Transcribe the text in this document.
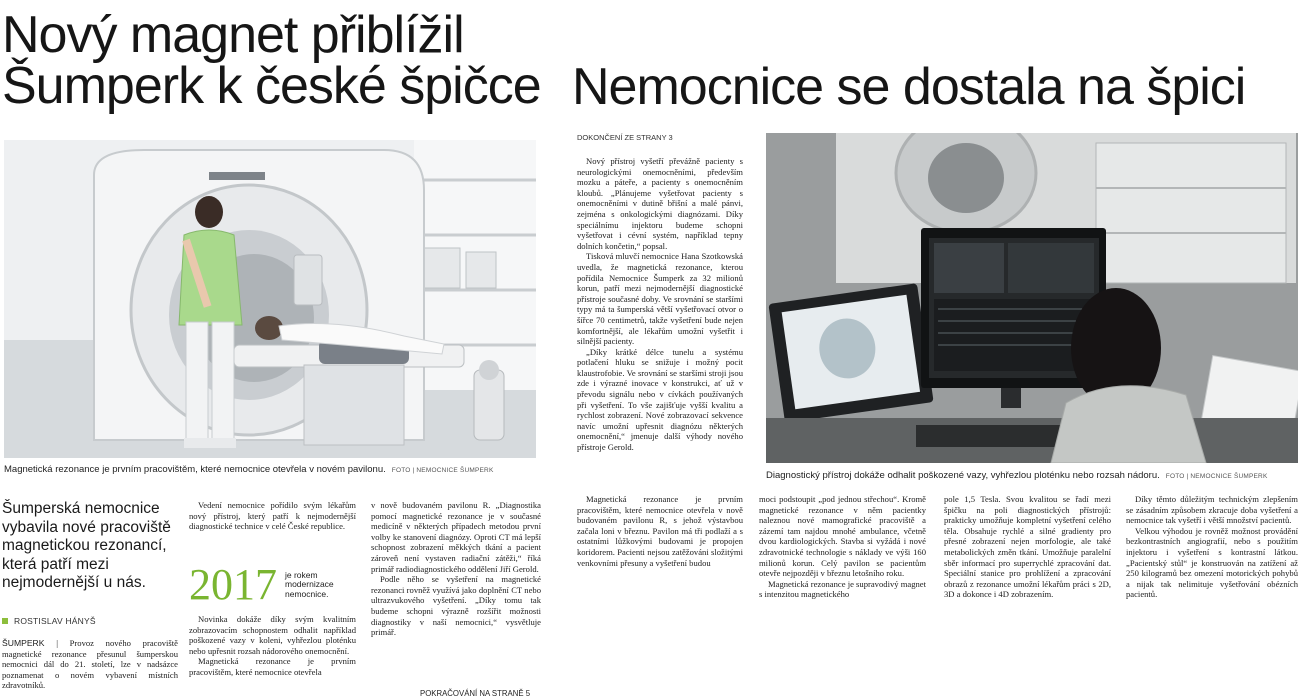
Nový magnet přiblížil Šumperk k české špičce
Magnetická rezonance je prvním pracovištěm, které nemocnice otevřela v novém pavilonu. FOTO | NEMOCNICE ŠUMPERK
Šumperská nemocnice vybavila nové pracoviště magnetickou rezonancí, která patří mezi nejmodernější u nás.
ROSTISLAV HÁNYŠ

ŠUMPERK | Provoz nového pracoviště magnetické rezonance přesunul šumperskou nemocnici dál do 21. století, lze v nadsázce poznamenat o novém vybavení místních zdravotníků.

Vedení nemocnice pořídilo svým lékařům nový přístroj, který patří k nejmodernější diagnostické technice v celé České republice.

2017 je rokem modernizace nemocnice.

Novinka dokáže díky svým kvalitním zobrazovacím schopnostem odhalit například poškozené vazy v koleni, vyhřezlou ploténku nebo upřesnit rozsah nádorového onemocnění.

Magnetická rezonance je prvním pracovištěm, které nemocnice otevřela

v nově budovaném pavilonu R. „Diagnostika pomocí magnetické rezonance je v současné medicíně v některých případech metodou první volby ke stanovení diagnózy. Oproti CT má lepší schopnost zobrazení měkkých tkání a pacient zároveň není vystaven radiační zátěži,“ říká primář radiodiagnostického oddělení Jiří Gerold.

Podle něho se vyšetření na magnetické rezonanci rovněž využívá jako doplnění CT nebo ultrazvukového vyšetření. „Díky tomu tak budeme schopni výrazně rozšířit možnosti diagnostiky v naší nemocnici,“ vysvětluje primář.

POKRAČOVÁNÍ NA STRANĚ 5
Nemocnice se dostala na špici
DOKONČENÍ ZE STRANY 3

Nový přístroj vyšetří převážně pacienty s neurologickými onemocněními, především mozku a páteře, a pacienty s onemocněním kloubů. „Plánujeme vyšetřovat pacienty s onemocněními v dutině břišní a malé pánvi, zejména s onkologickými diagnózami. Díky speciálnímu injektoru budeme schopni vyšetřovat i cévní systém, například tepny dolních končetin,“ popsal.

Tisková mluvčí nemocnice Hana Szotkowská uvedla, že magnetická rezonance, kterou pořídila Nemocnice Šumperk za 32 milionů korun, patří mezi nejmodernější diagnostické přístroje současné doby. Ve srovnání se staršími typy má ta šumperská větší vyšetřovací otvor o šířce 70 centimetrů, takže vyšetření bude nejen komfortnější, ale lékařům umožní vyšetřit i silnější pacienty.

„Díky krátké délce tunelu a systému potlačení hluku se snižuje i možný pocit klaustrofobie. Ve srovnání se staršími stroji jsou zde i výrazné inovace v konstrukci, ať už v převodu signálu nebo v cívkách používaných při vyšetření. To vše zajišťuje vyšší kvalitu a rychlost zobrazení. Nové zobrazovací sekvence navíc umožní upřesnit diagnózu některých onemocnění,“ jmenuje další výhody nového přístroje Gerold.

Diagnostický přístroj dokáže odhalit poškozené vazy, vyhřezlou ploténku nebo rozsah nádoru. FOTO | NEMOCNICE ŠUMPERK

Magnetická rezonance je prvním pracovištěm, které nemocnice otevřela v nově budovaném pavilonu R, s jehož výstavbou začala loni v březnu. Pavilon má tři podlaží a s ostatními lůžkovými budovami je propojen koridorem. Pacienti nejsou zatěžováni složitými venkovními přesuny a vyšetření budou

moci podstoupit „pod jednou střechou“. Kromě magnetické rezonance v něm pacientky naleznou nové mamografické pracoviště a zázemí tam najdou mnohé ambulance, včetně dvou kardiologických. Stavba si vyžádá i nové zdravotnické technologie s náklady ve výši 160 milionů korun. Celý pavilon se pacientům otevře nejpozději v březnu letošního roku.

Magnetická rezonance je supravodivý magnet s intenzitou magnetického

pole 1,5 Tesla. Svou kvalitou se řadí mezi špičku na poli diagnostických přístrojů: prakticky umožňuje kompletní vyšetření celého těla. Obsahuje rychlé a silné gradienty pro přesné zobrazení nejen morfologie, ale také metabolických změn tkání. Umožňuje paralelní sběr informací pro superrychlé zpracování dat. Speciální stanice pro prohlížení a zpracování obrazů z rezonance umožní lékařům práci s 2D, 3D a dokonce i 4D zobrazením.

Díky těmto důležitým technickým zlepšením se zásadním způsobem zkracuje doba vyšetření a nemocnice tak vyšetří i větší množství pacientů.

Velkou výhodou je rovněž možnost provádění bezkontrastních angiografií, nebo s použitím injektoru i vyšetření s kontrastní látkou. „Pacientský stůl“ je konstruován na zatížení až 250 kilogramů bez omezení motorických pohybů a nijak tak nelimituje vyšetřování obézních pacientů.
